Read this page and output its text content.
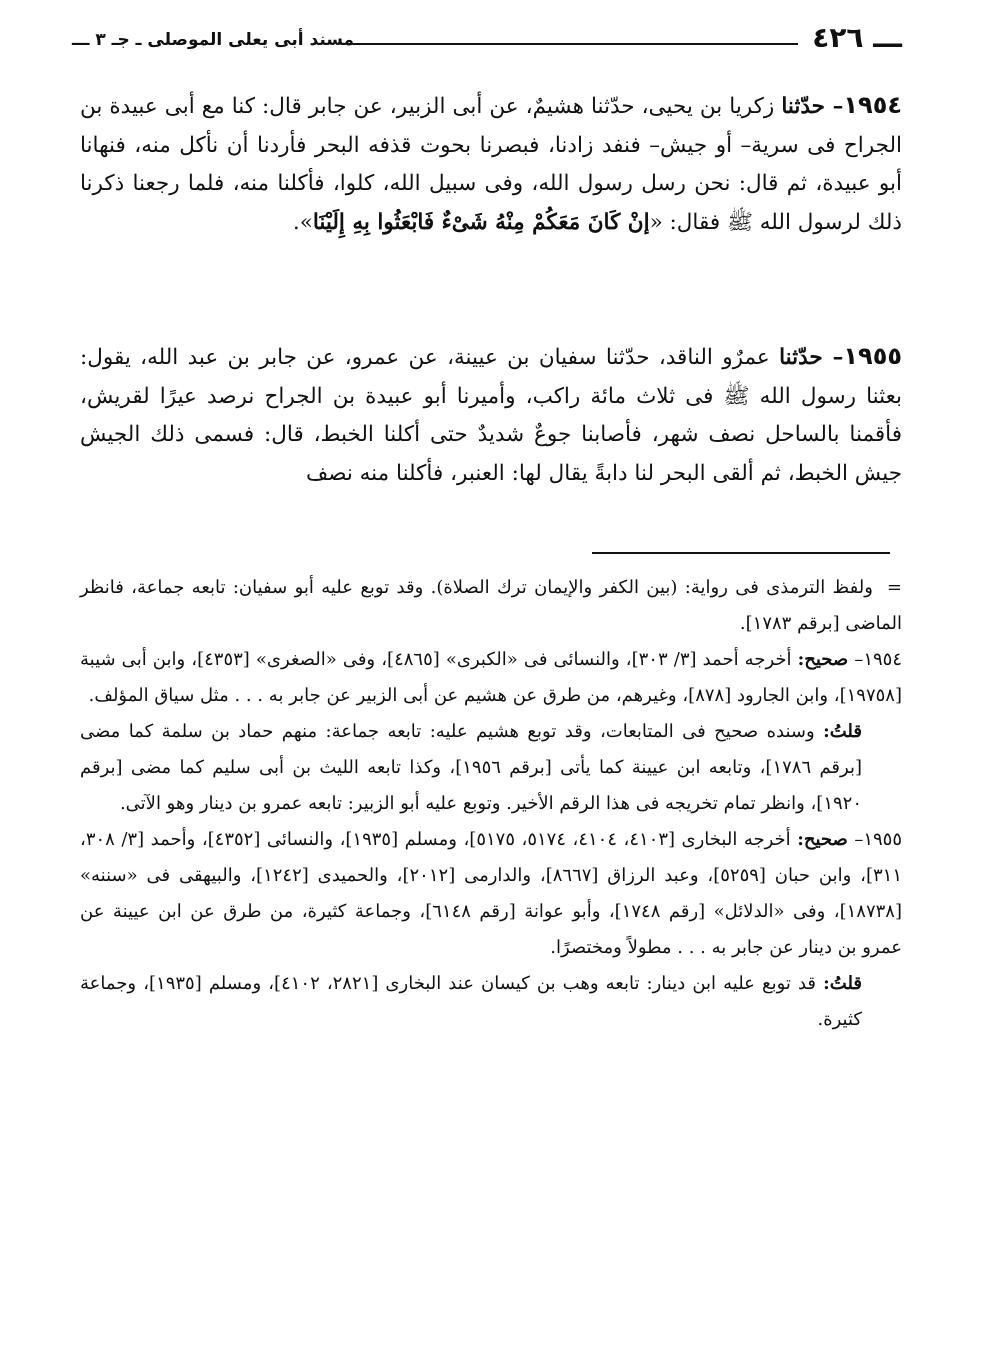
ـــ ٤٢٦
مسند أبى يعلى الموصلى ـ جـ ٣ ـــ
١٩٥٤– حدّثنا زكريا بن يحيى، حدّثنا هشيمٌ، عن أبى الزبير، عن جابر قال: كنا مع أبى عبيدة بن الجراح فى سرية– أو جيش– فنفد زادنا، فبصرنا بحوت قذفه البحر فأردنا أن نأكل منه، فنهانا أبو عبيدة، ثم قال: نحن رسل رسول الله، وفى سبيل الله، كلوا، فأكلنا منه، فلما رجعنا ذكرنا ذلك لرسول الله ﷺ فقال: «إنْ كَانَ مَعَكُمْ مِنْهُ شَىْءٌ فَابْعَثُوا بِهِ إِلَيْنَا».
١٩٥٥– حدّثنا عمرٌو الناقد، حدّثنا سفيان بن عيينة، عن عمرو، عن جابر بن عبد الله، يقول: بعثنا رسول الله ﷺ فى ثلاث مائة راكب، وأميرنا أبو عبيدة بن الجراح نرصد عيرًا لقريش، فأقمنا بالساحل نصف شهر، فأصابنا جوعٌ شديدٌ حتى أكلنا الخبط، قال: فسمى ذلك الجيش جيش الخبط، ثم ألقى البحر لنا دابةً يقال لها: العنبر، فأكلنا منه نصف
=ولفظ الترمذى فى رواية: (بين الكفر والإيمان ترك الصلاة). وقد توبع عليه أبو سفيان: تابعه جماعة، فانظر الماضى [برقم ١٧٨٣].
١٩٥٤– صحيح: أخرجه أحمد [٣/ ٣٠٣]، والنسائى فى «الكبرى» [٤٨٦٥]، وفى «الصغرى» [٤٣٥٣]، وابن أبى شيبة [١٩٧٥٨]، وابن الجارود [٨٧٨]، وغيرهم، من طرق عن هشيم عن أبى الزبير عن جابر به . . . مثل سياق المؤلف.
قلتُ: وسنده صحيح فى المتابعات، وقد توبع هشيم عليه: تابعه جماعة: منهم حماد بن سلمة كما مضى [برقم ١٧٨٦]، وتابعه ابن عيينة كما يأتى [برقم ١٩٥٦]، وكذا تابعه الليث بن أبى سليم كما مضى [برقم ١٩٢٠]، وانظر تمام تخريجه فى هذا الرقم الأخير. وتوبع عليه أبو الزبير: تابعه عمرو بن دينار وهو الآتى.
١٩٥٥– صحيح: أخرجه البخارى [٤١٠٣، ٤١٠٤، ٥١٧٤، ٥١٧٥]، ومسلم [١٩٣٥]، والنسائى [٤٣٥٢]، وأحمد [٣/ ٣٠٨، ٣١١]، وابن حبان [٥٢٥٩]، وعبد الرزاق [٨٦٦٧]، والدارمى [٢٠١٢]، والحميدى [١٢٤٢]، والبيهقى فى «سننه» [١٨٧٣٨]، وفى «الدلائل» [رقم ١٧٤٨]، وأبو عوانة [رقم ٦١٤٨]، وجماعة كثيرة، من طرق عن ابن عيينة عن عمرو بن دينار عن جابر به . . . مطولاً ومختصرًا.
قلتُ: قد توبع عليه ابن دينار: تابعه وهب بن كيسان عند البخارى [٢٨٢١، ٤١٠٢]، ومسلم [١٩٣٥]، وجماعة كثيرة.
